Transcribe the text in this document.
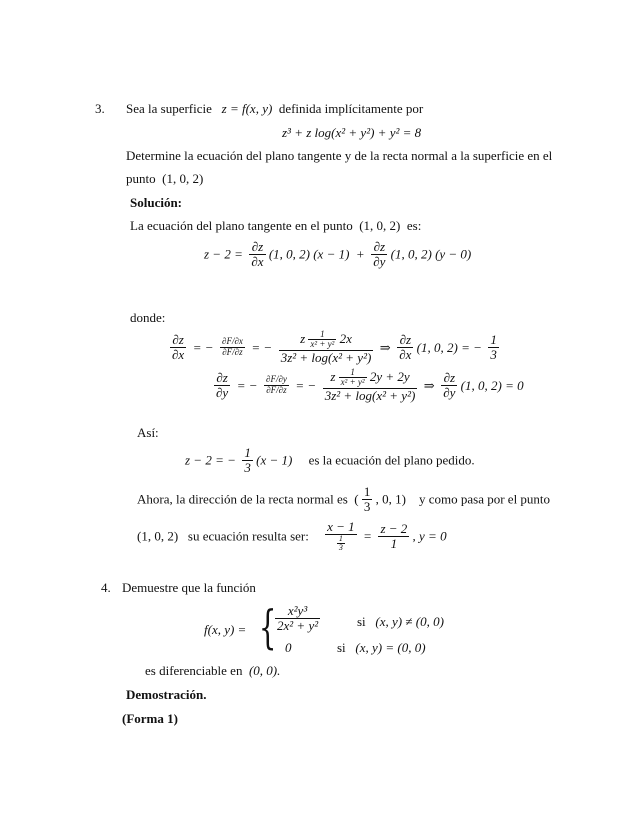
3. Sea la superficie z = f(x, y) definida implícitamente por
z³ + z log(x² + y²) + y² = 8
Determine la ecuación del plano tangente y de la recta normal a la superficie en el
punto (1, 0, 2)
Solución:
La ecuación del plano tangente en el punto (1, 0, 2) es:
$z - 2 = \frac{\partial z}{\partial x} (1$, 0, 2) $(x - 1) + \frac{\partial z}{\partial y} (1$, 0, 2) (y − 0)
donde:
$\frac{\partial z}{\partial x}$ = − $\frac{\partial F/\partial x}{\partial F/\partial z}$ = − $\frac{z \frac{1}{\text{x² + y²}} 2x}{\text{3z² + log(x² + y²)}}$ ⇒ $\frac{\partial z}{\partial x} (1$, 0, 2) = − $\frac{1}{3}$
$\frac{\partial z}{\partial y}$ = − $\frac{\partial F/\partial y}{\partial F/\partial z}$ = − $\frac{z \frac{1}{\text{x² + y²}} 2y + 2y}{\text{3z² + log(x² + y²)}}$ ⇒ $\frac{\partial z}{\partial y} (1$, 0, 2) = 0
Así:
z − 2 = − $\frac{1}{3} (x - 1)$ es la ecuación del plano pedido.
Ahora, la dirección de la recta normal es  ( $\frac{1}{3}$ , 0, 1) y como pasa por el punto
(1, 0, 2) su ecuación resulta ser: $\frac{x - 1}{\frac{1}{3}} = \frac{z - 2}{1}$ , y = 0
4. Demuestre que la función
f(x, y) = {
$\frac{\text{x²y³}}{\text{2x² + y²}}$	si (x, y) ≠ (0, 0)
0	si (x, y) = (0, 0)
es diferenciable en (0, 0).
Demostración.
(Forma 1)
